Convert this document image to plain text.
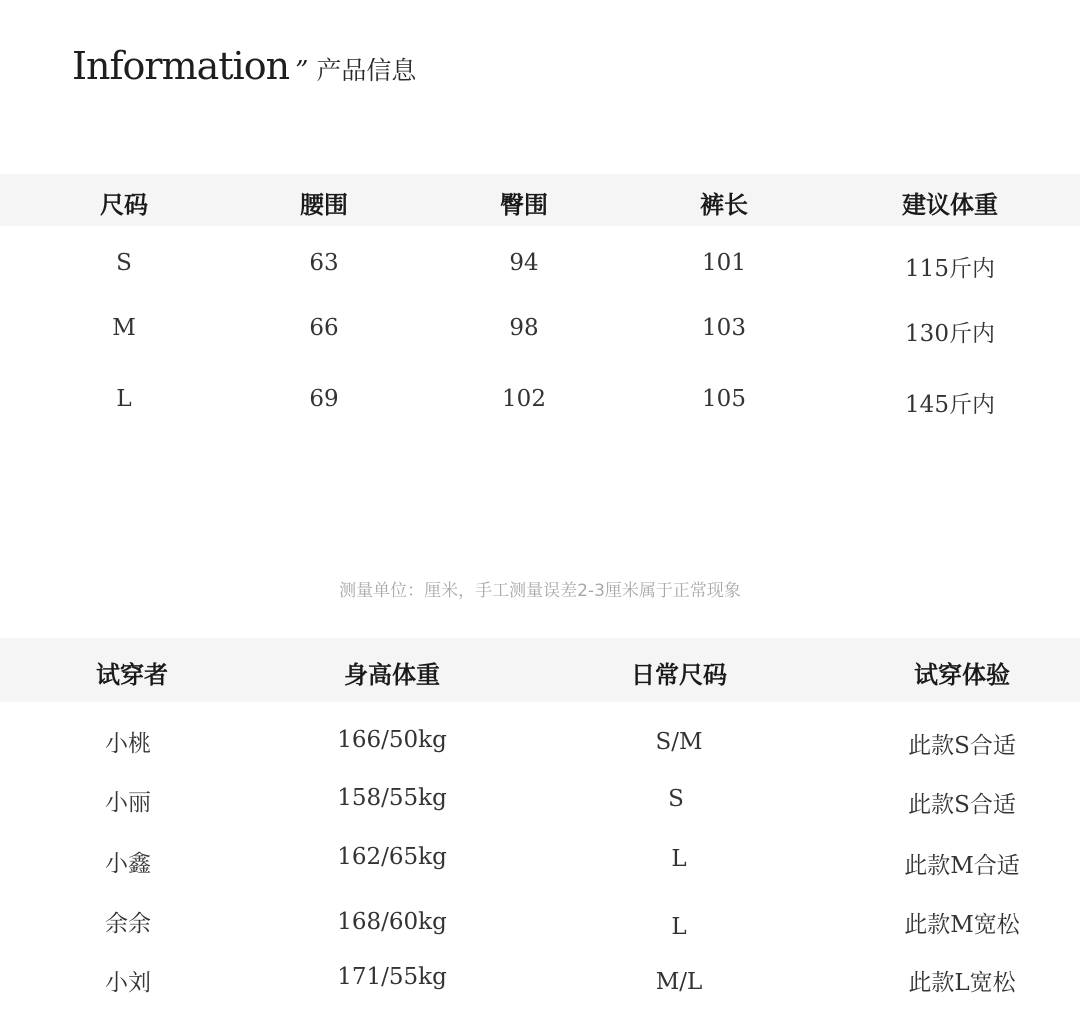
Information ” 产品信息
尺码	腰围	臀围	裤长	建议体重
S	63	94	101	115斤内
M	66	98	103	130斤内
L	69	102	105	145斤内
测量单位：厘米，手工测量误差2-3厘米属于正常现象
试穿者	身高体重	日常尺码	试穿体验
小桃	166/50kg	S/M	此款S合适
小丽	158/55kg	S	此款S合适
小鑫	162/65kg	L	此款M合适
余余	168/60kg	L	此款M宽松
小刘	171/55kg	M/L	此款L宽松
